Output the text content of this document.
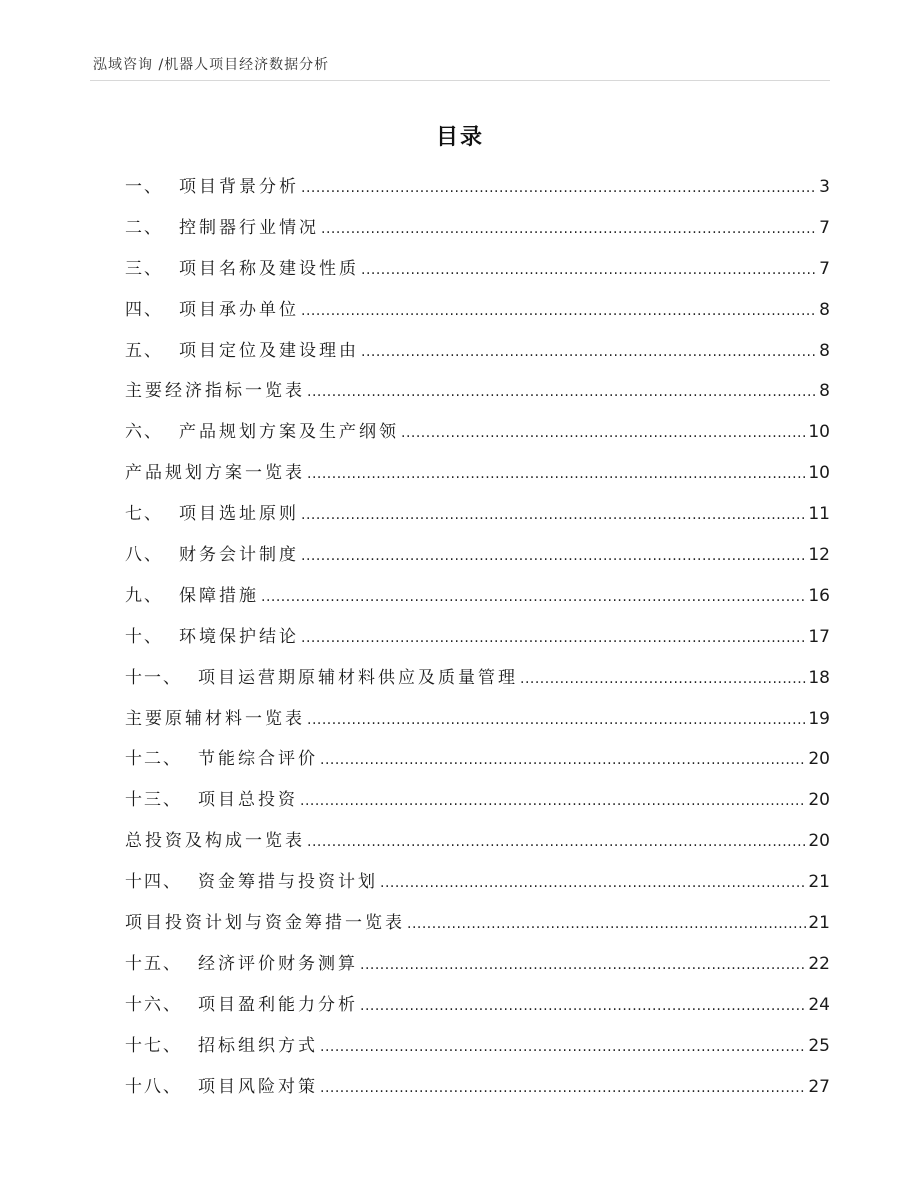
泓域咨询 /机器人项目经济数据分析
目录
一、 项目背景分析 .....	3
二、 控制器行业情况 .....	7
三、 项目名称及建设性质 .....	7
四、 项目承办单位 .....	8
五、 项目定位及建设理由 .....	8
主要经济指标一览表 .....	8
六、 产品规划方案及生产纲领 .....	10
产品规划方案一览表 .....	10
七、 项目选址原则 .....	11
八、 财务会计制度 .....	12
九、 保障措施 .....	16
十、 环境保护结论 .....	17
十一、 项目运营期原辅材料供应及质量管理 .....	18
主要原辅材料一览表 .....	19
十二、 节能综合评价 .....	20
十三、 项目总投资 .....	20
总投资及构成一览表 .....	20
十四、 资金筹措与投资计划 .....	21
项目投资计划与资金筹措一览表 .....	21
十五、 经济评价财务测算 .....	22
十六、 项目盈利能力分析 .....	24
十七、 招标组织方式 .....	25
十八、 项目风险对策 .....	27
